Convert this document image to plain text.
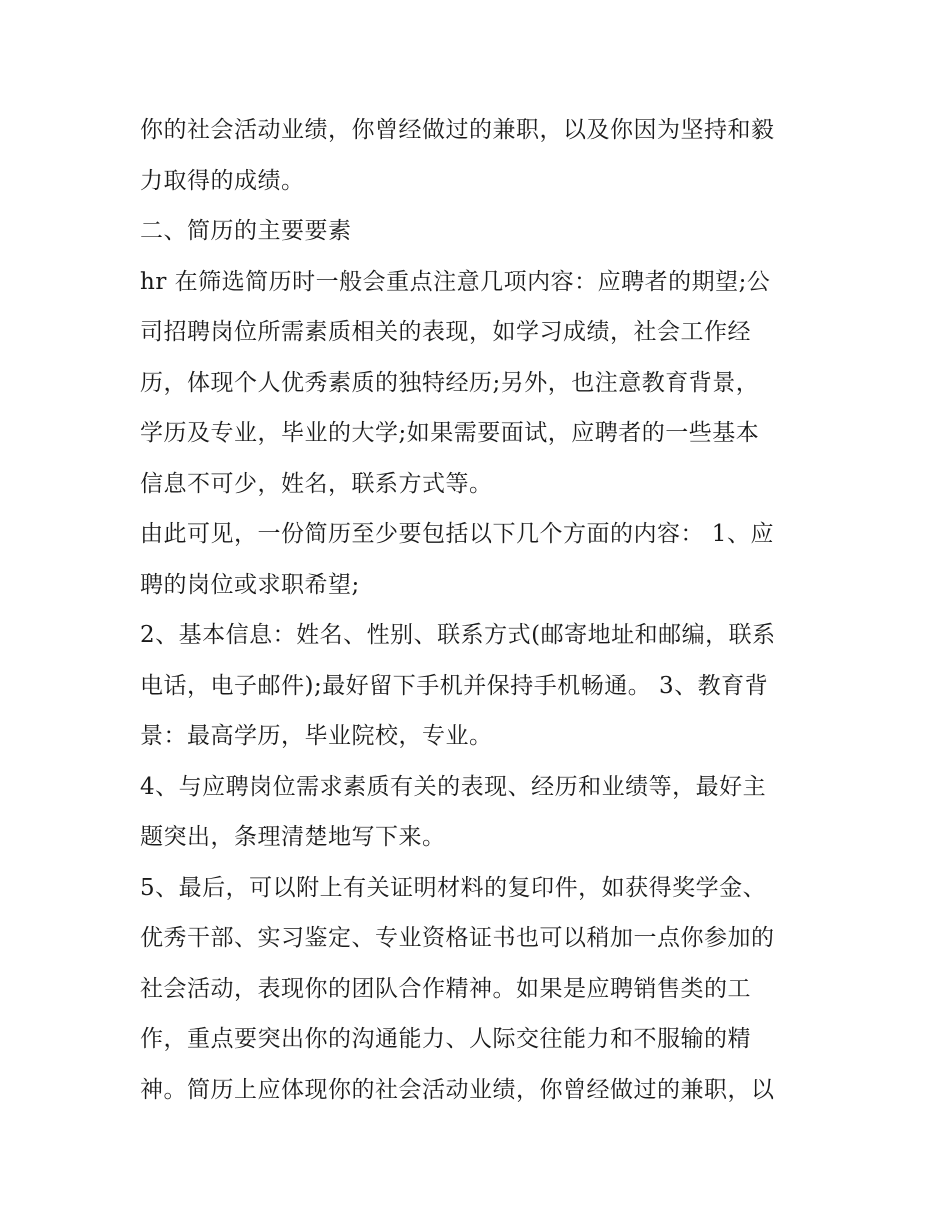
你的社会活动业绩，你曾经做过的兼职，以及你因为坚持和毅
力取得的成绩。

二、简历的主要要素

hr 在筛选简历时一般会重点注意几项内容：应聘者的期望;公
司招聘岗位所需素质相关的表现，如学习成绩，社会工作经
历，体现个人优秀素质的独特经历;另外，也注意教育背景，
学历及专业，毕业的大学;如果需要面试，应聘者的一些基本
信息不可少，姓名，联系方式等。

由此可见，一份简历至少要包括以下几个方面的内容： 1、应
聘的岗位或求职希望;

2、基本信息：姓名、性别、联系方式(邮寄地址和邮编，联系
电话，电子邮件);最好留下手机并保持手机畅通。 3、教育背
景：最高学历，毕业院校，专业。

4、与应聘岗位需求素质有关的表现、经历和业绩等，最好主
题突出，条理清楚地写下来。

5、最后，可以附上有关证明材料的复印件，如获得奖学金、
优秀干部、实习鉴定、专业资格证书也可以稍加一点你参加的
社会活动，表现你的团队合作精神。如果是应聘销售类的工
作，重点要突出你的沟通能力、人际交往能力和不服输的精
神。简历上应体现你的社会活动业绩，你曾经做过的兼职，以
